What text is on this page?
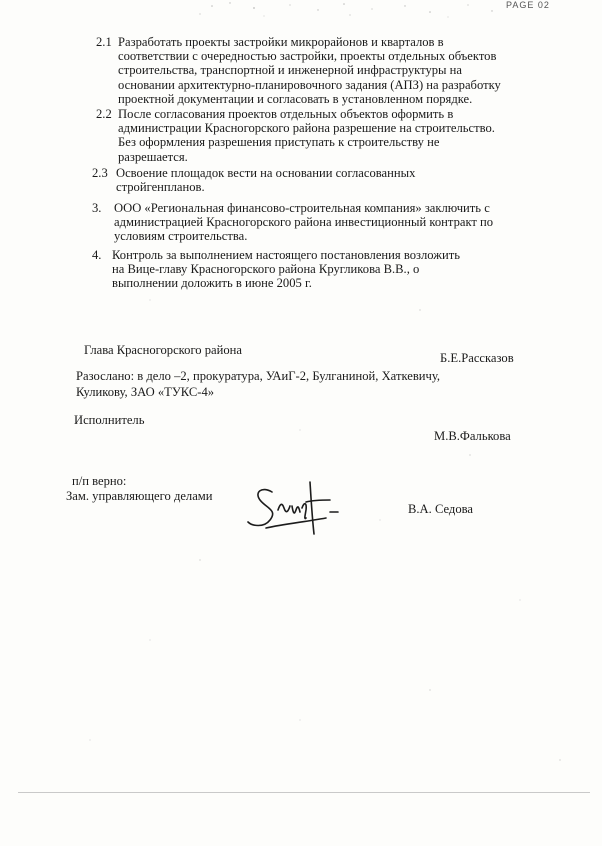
PAGE 02
2.1 Разработать проекты застройки микрорайонов и кварталов в
соответствии с очередностью застройки, проекты отдельных объектов
строительства, транспортной и инженерной инфраструктуры на
основании архитектурно-планировочного задания (АПЗ) на разработку
проектной документации и согласовать в установленном порядке.
2.2 После согласования проектов отдельных объектов оформить в
администрации Красногорского района разрешение на строительство.
Без оформления разрешения приступать к строительству не
разрешается.
2.3 Освоение площадок вести на основании согласованных
стройгенпланов.
3. ООО «Региональная финансово-строительная компания» заключить с
администрацией Красногорского района инвестиционный контракт по
условиям строительства.
4. Контроль за выполнением настоящего постановления возложить
на Вице-главу Красногорского района Кругликова В.В., о
выполнении доложить в июне 2005 г.
Глава Красногорского района
Б.Е.Рассказов
Разослано: в дело –2, прокуратура, УАиГ-2, Булганиной, Хаткевичу,
Куликову, ЗАО «ТУКС-4»
Исполнитель
М.В.Фалькова
п/п верно:
Зам. управляющего делами
В.А. Седова
